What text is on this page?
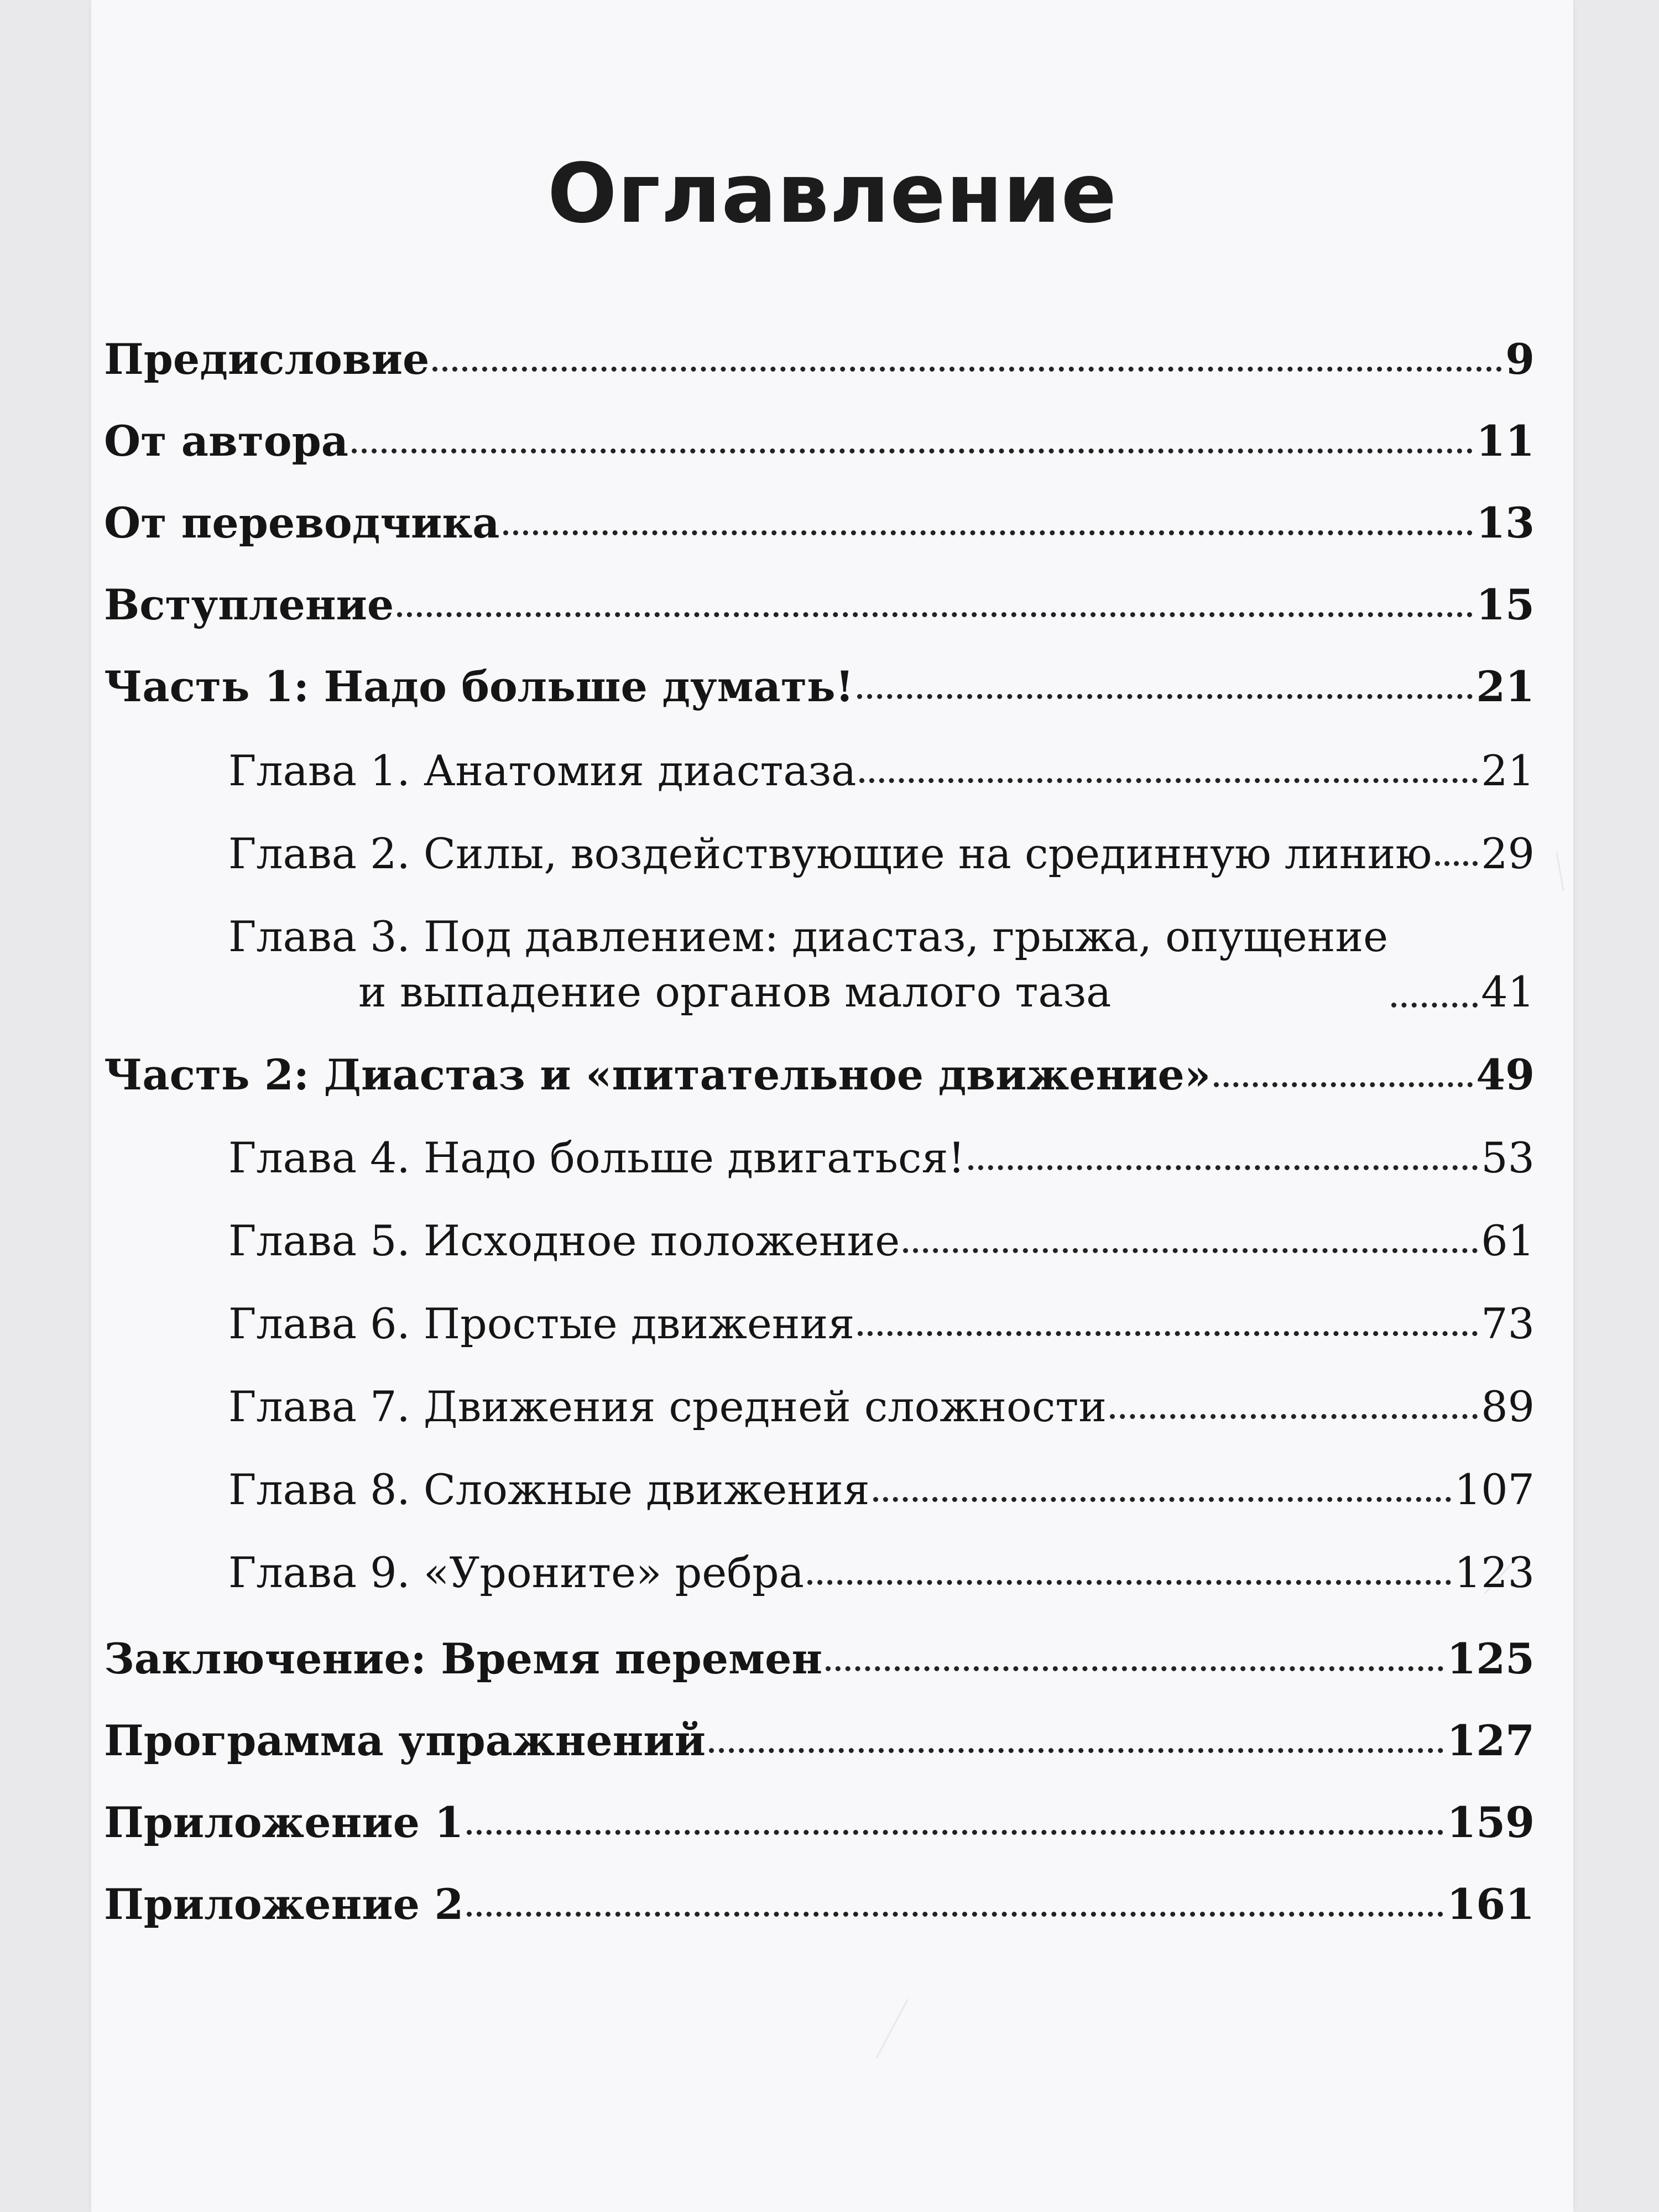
Оглавление
Предисловие	9
От автора	11
От переводчика	13
Вступление	15
Часть 1: Надо больше думать!	21
Глава 1. Анатомия диастаза	21
Глава 2. Силы, воздействующие на срединную линию 29
Глава 3. Под давлением: диастаз, грыжа, опущение
и выпадение органов малого таза	41
Часть 2: Диастаз и «питательное движение»	49
Глава 4. Надо больше двигаться!	53
Глава 5. Исходное положение	61
Глава 6. Простые движения	73
Глава 7. Движения средней сложности	89
Глава 8. Сложные движения	107
Глава 9. «Уроните» ребра	123
Заключение: Время перемен	125
Программа упражнений	127
Приложение 1	159
Приложение 2	161
